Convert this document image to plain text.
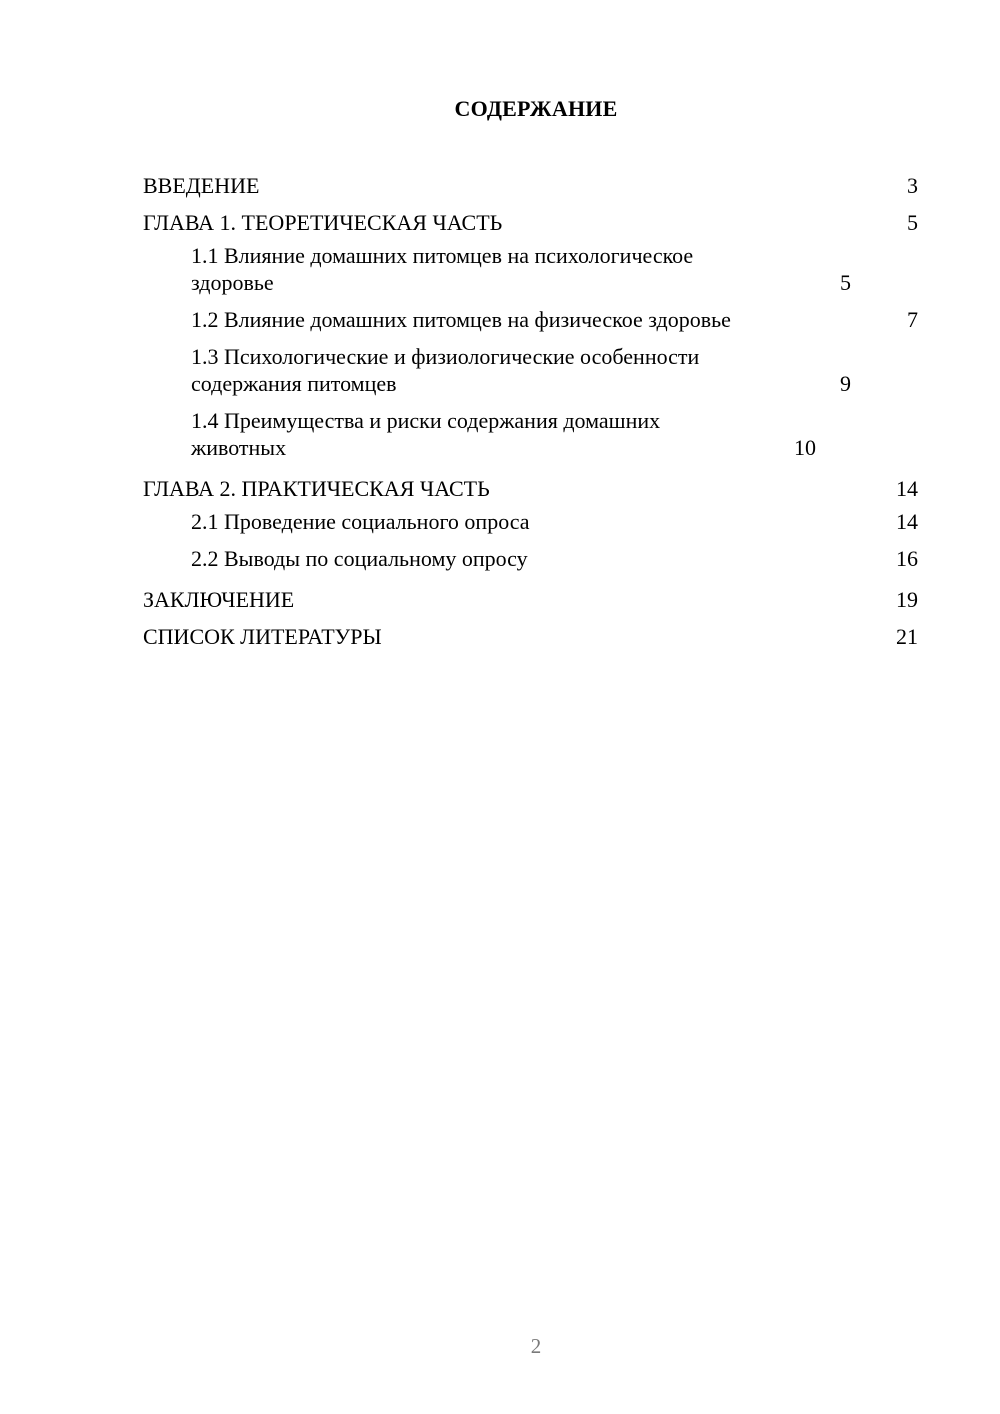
СОДЕРЖАНИЕ
ВВЕДЕНИЕ	3
ГЛАВА 1. ТЕОРЕТИЧЕСКАЯ ЧАСТЬ	5
1.1 Влияние домашних питомцев на психологическое здоровье	5
1.2 Влияние домашних питомцев на физическое здоровье	7
1.3 Психологические и физиологические особенности содержания питомцев	9
1.4 Преимущества и риски содержания домашних животных	10
ГЛАВА 2. ПРАКТИЧЕСКАЯ ЧАСТЬ	14
2.1 Проведение социального опроса	14
2.2 Выводы по социальному опросу	16
ЗАКЛЮЧЕНИЕ	19
СПИСОК ЛИТЕРАТУРЫ	21
2
